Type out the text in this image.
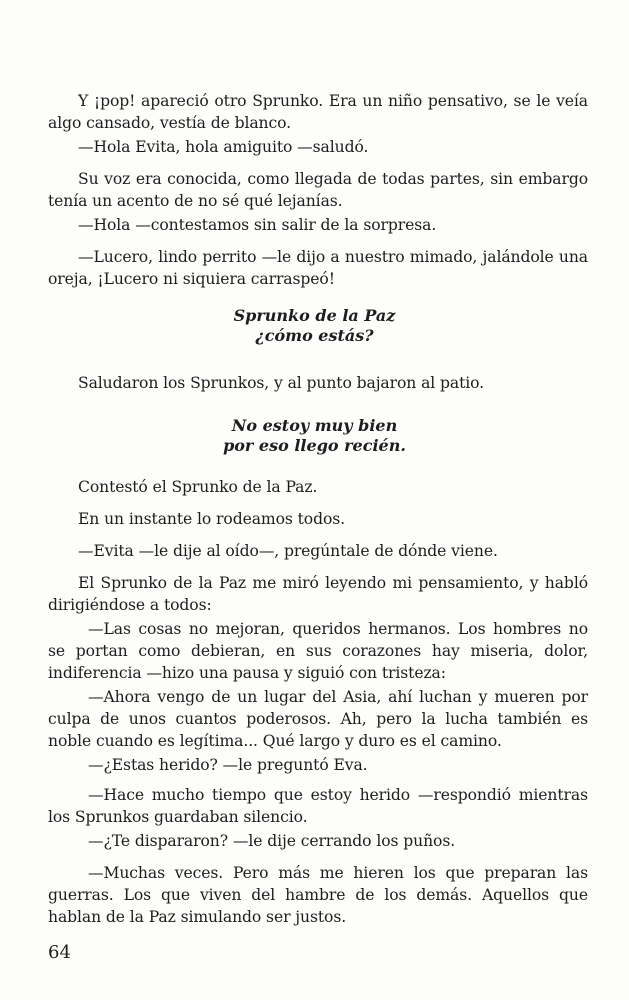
Y ¡pop! apareció otro Sprunko. Era un niño pensativo, se le veía algo cansado, vestía de blanco.

—Hola Evita, hola amiguito —saludó.

Su voz era conocida, como llegada de todas partes, sin embargo tenía un acento de no sé qué lejanías.

—Hola —contestamos sin salir de la sorpresa.

—Lucero, lindo perrito —le dijo a nuestro mimado, jalándole una oreja, ¡Lucero ni siquiera carraspeó!

Sprunko de la Paz
¿cómo estás?

Saludaron los Sprunkos, y al punto bajaron al patio.

No estoy muy bien
por eso llego recién.

Contestó el Sprunko de la Paz.

En un instante lo rodeamos todos.

—Evita —le dije al oído—, pregúntale de dónde viene.

El Sprunko de la Paz me miró leyendo mi pensamiento, y habló dirigiéndose a todos:

—Las cosas no mejoran, queridos hermanos. Los hombres no se portan como debieran, en sus corazones hay miseria, dolor, indiferencia —hizo una pausa y siguió con tristeza:

—Ahora vengo de un lugar del Asia, ahí luchan y mueren por culpa de unos cuantos poderosos. Ah, pero la lucha también es noble cuando es legítima... Qué largo y duro es el camino.

—¿Estas herido? —le preguntó Eva.

—Hace mucho tiempo que estoy herido —respondió mientras los Sprunkos guardaban silencio.

—¿Te dispararon? —le dije cerrando los puños.

—Muchas veces. Pero más me hieren los que preparan las guerras. Los que viven del hambre de los demás. Aquellos que hablan de la Paz simulando ser justos.

64
